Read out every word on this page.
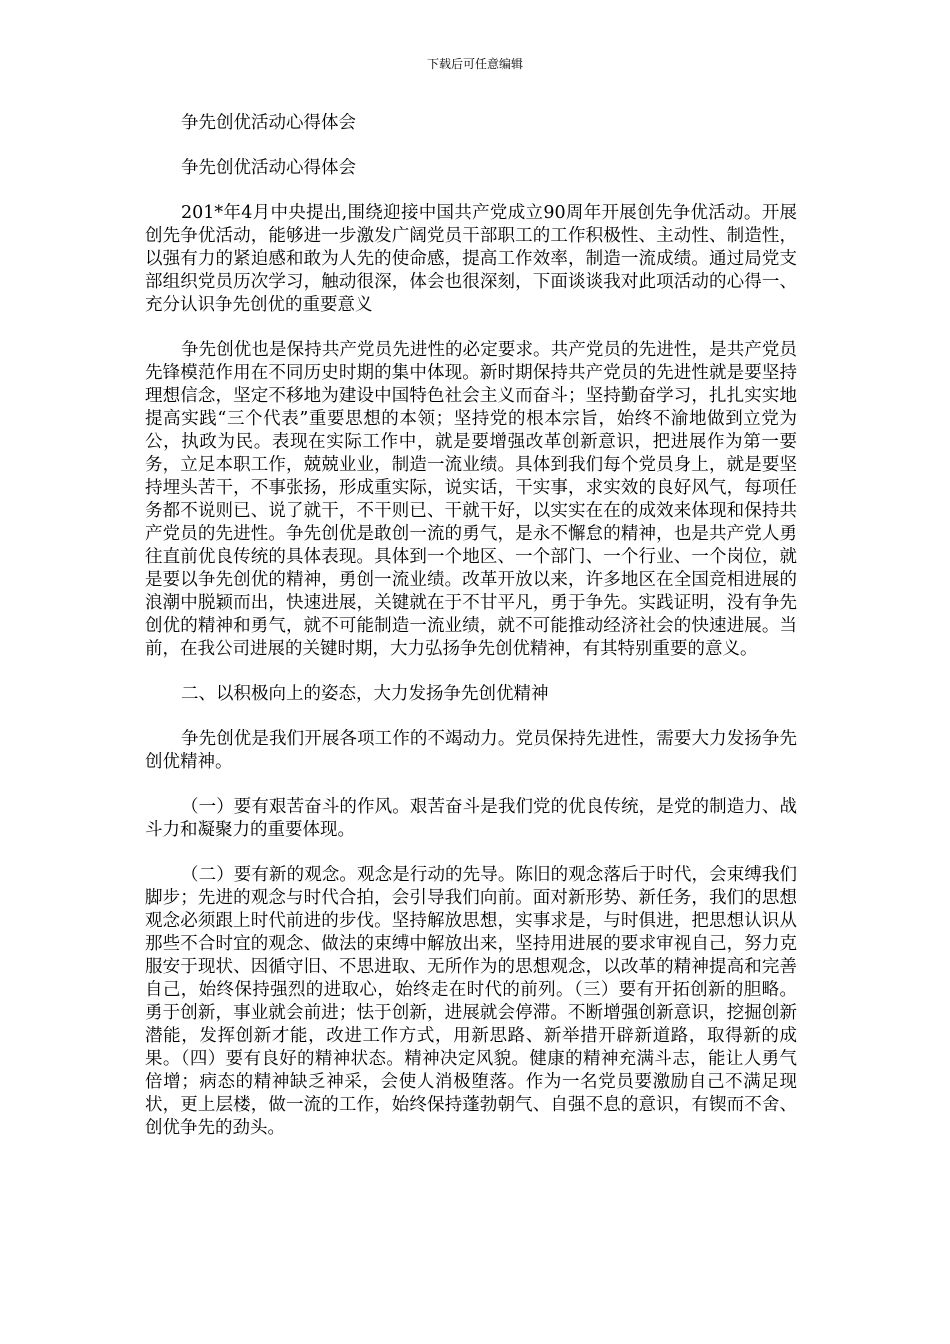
下载后可任意编辑

争先创优活动心得体会

争先创优活动心得体会

201*年4月中央提出,围绕迎接中国共产党成立90周年开展创先争优活动。开展创先争优活动，能够进一步激发广阔党员干部职工的工作积极性、主动性、制造性，以强有力的紧迫感和敢为人先的使命感，提高工作效率，制造一流成绩。通过局党支部组织党员历次学习，触动很深，体会也很深刻，下面谈谈我对此项活动的心得一、充分认识争先创优的重要意义

争先创优也是保持共产党员先进性的必定要求。共产党员的先进性，是共产党员先锋模范作用在不同历史时期的集中体现。新时期保持共产党员的先进性就是要坚持理想信念，坚定不移地为建设中国特色社会主义而奋斗；坚持勤奋学习，扎扎实实地提高实践“三个代表”重要思想的本领；坚持党的根本宗旨，始终不渝地做到立党为公，执政为民。表现在实际工作中，就是要增强改革创新意识，把进展作为第一要务，立足本职工作，兢兢业业，制造一流业绩。具体到我们每个党员身上，就是要坚持埋头苦干，不事张扬，形成重实际，说实话，干实事，求实效的良好风气，每项任务都不说则已、说了就干，不干则已、干就干好，以实实在在的成效来体现和保持共产党员的先进性。争先创优是敢创一流的勇气，是永不懈怠的精神，也是共产党人勇往直前优良传统的具体表现。具体到一个地区、一个部门、一个行业、一个岗位，就是要以争先创优的精神，勇创一流业绩。改革开放以来，许多地区在全国竞相进展的浪潮中脱颖而出，快速进展，关键就在于不甘平凡，勇于争先。实践证明，没有争先创优的精神和勇气，就不可能制造一流业绩，就不可能推动经济社会的快速进展。当前，在我公司进展的关键时期，大力弘扬争先创优精神，有其特别重要的意义。

二、以积极向上的姿态，大力发扬争先创优精神

争先创优是我们开展各项工作的不竭动力。党员保持先进性，需要大力发扬争先创优精神。

（一）要有艰苦奋斗的作风。艰苦奋斗是我们党的优良传统，是党的制造力、战斗力和凝聚力的重要体现。

（二）要有新的观念。观念是行动的先导。陈旧的观念落后于时代，会束缚我们脚步；先进的观念与时代合拍，会引导我们向前。面对新形势、新任务，我们的思想观念必须跟上时代前进的步伐。坚持解放思想，实事求是，与时俱进，把思想认识从那些不合时宜的观念、做法的束缚中解放出来，坚持用进展的要求审视自己，努力克服安于现状、因循守旧、不思进取、无所作为的思想观念，以改革的精神提高和完善自己，始终保持强烈的进取心，始终走在时代的前列。（三）要有开拓创新的胆略。勇于创新，事业就会前进；怯于创新，进展就会停滞。不断增强创新意识，挖掘创新潜能，发挥创新才能，改进工作方式，用新思路、新举措开辟新道路，取得新的成果。（四）要有良好的精神状态。精神决定风貌。健康的精神充满斗志，能让人勇气倍增；病态的精神缺乏神采，会使人消极堕落。作为一名党员要激励自己不满足现状，更上层楼，做一流的工作，始终保持蓬勃朝气、自强不息的意识，有锲而不舍、创优争先的劲头。
